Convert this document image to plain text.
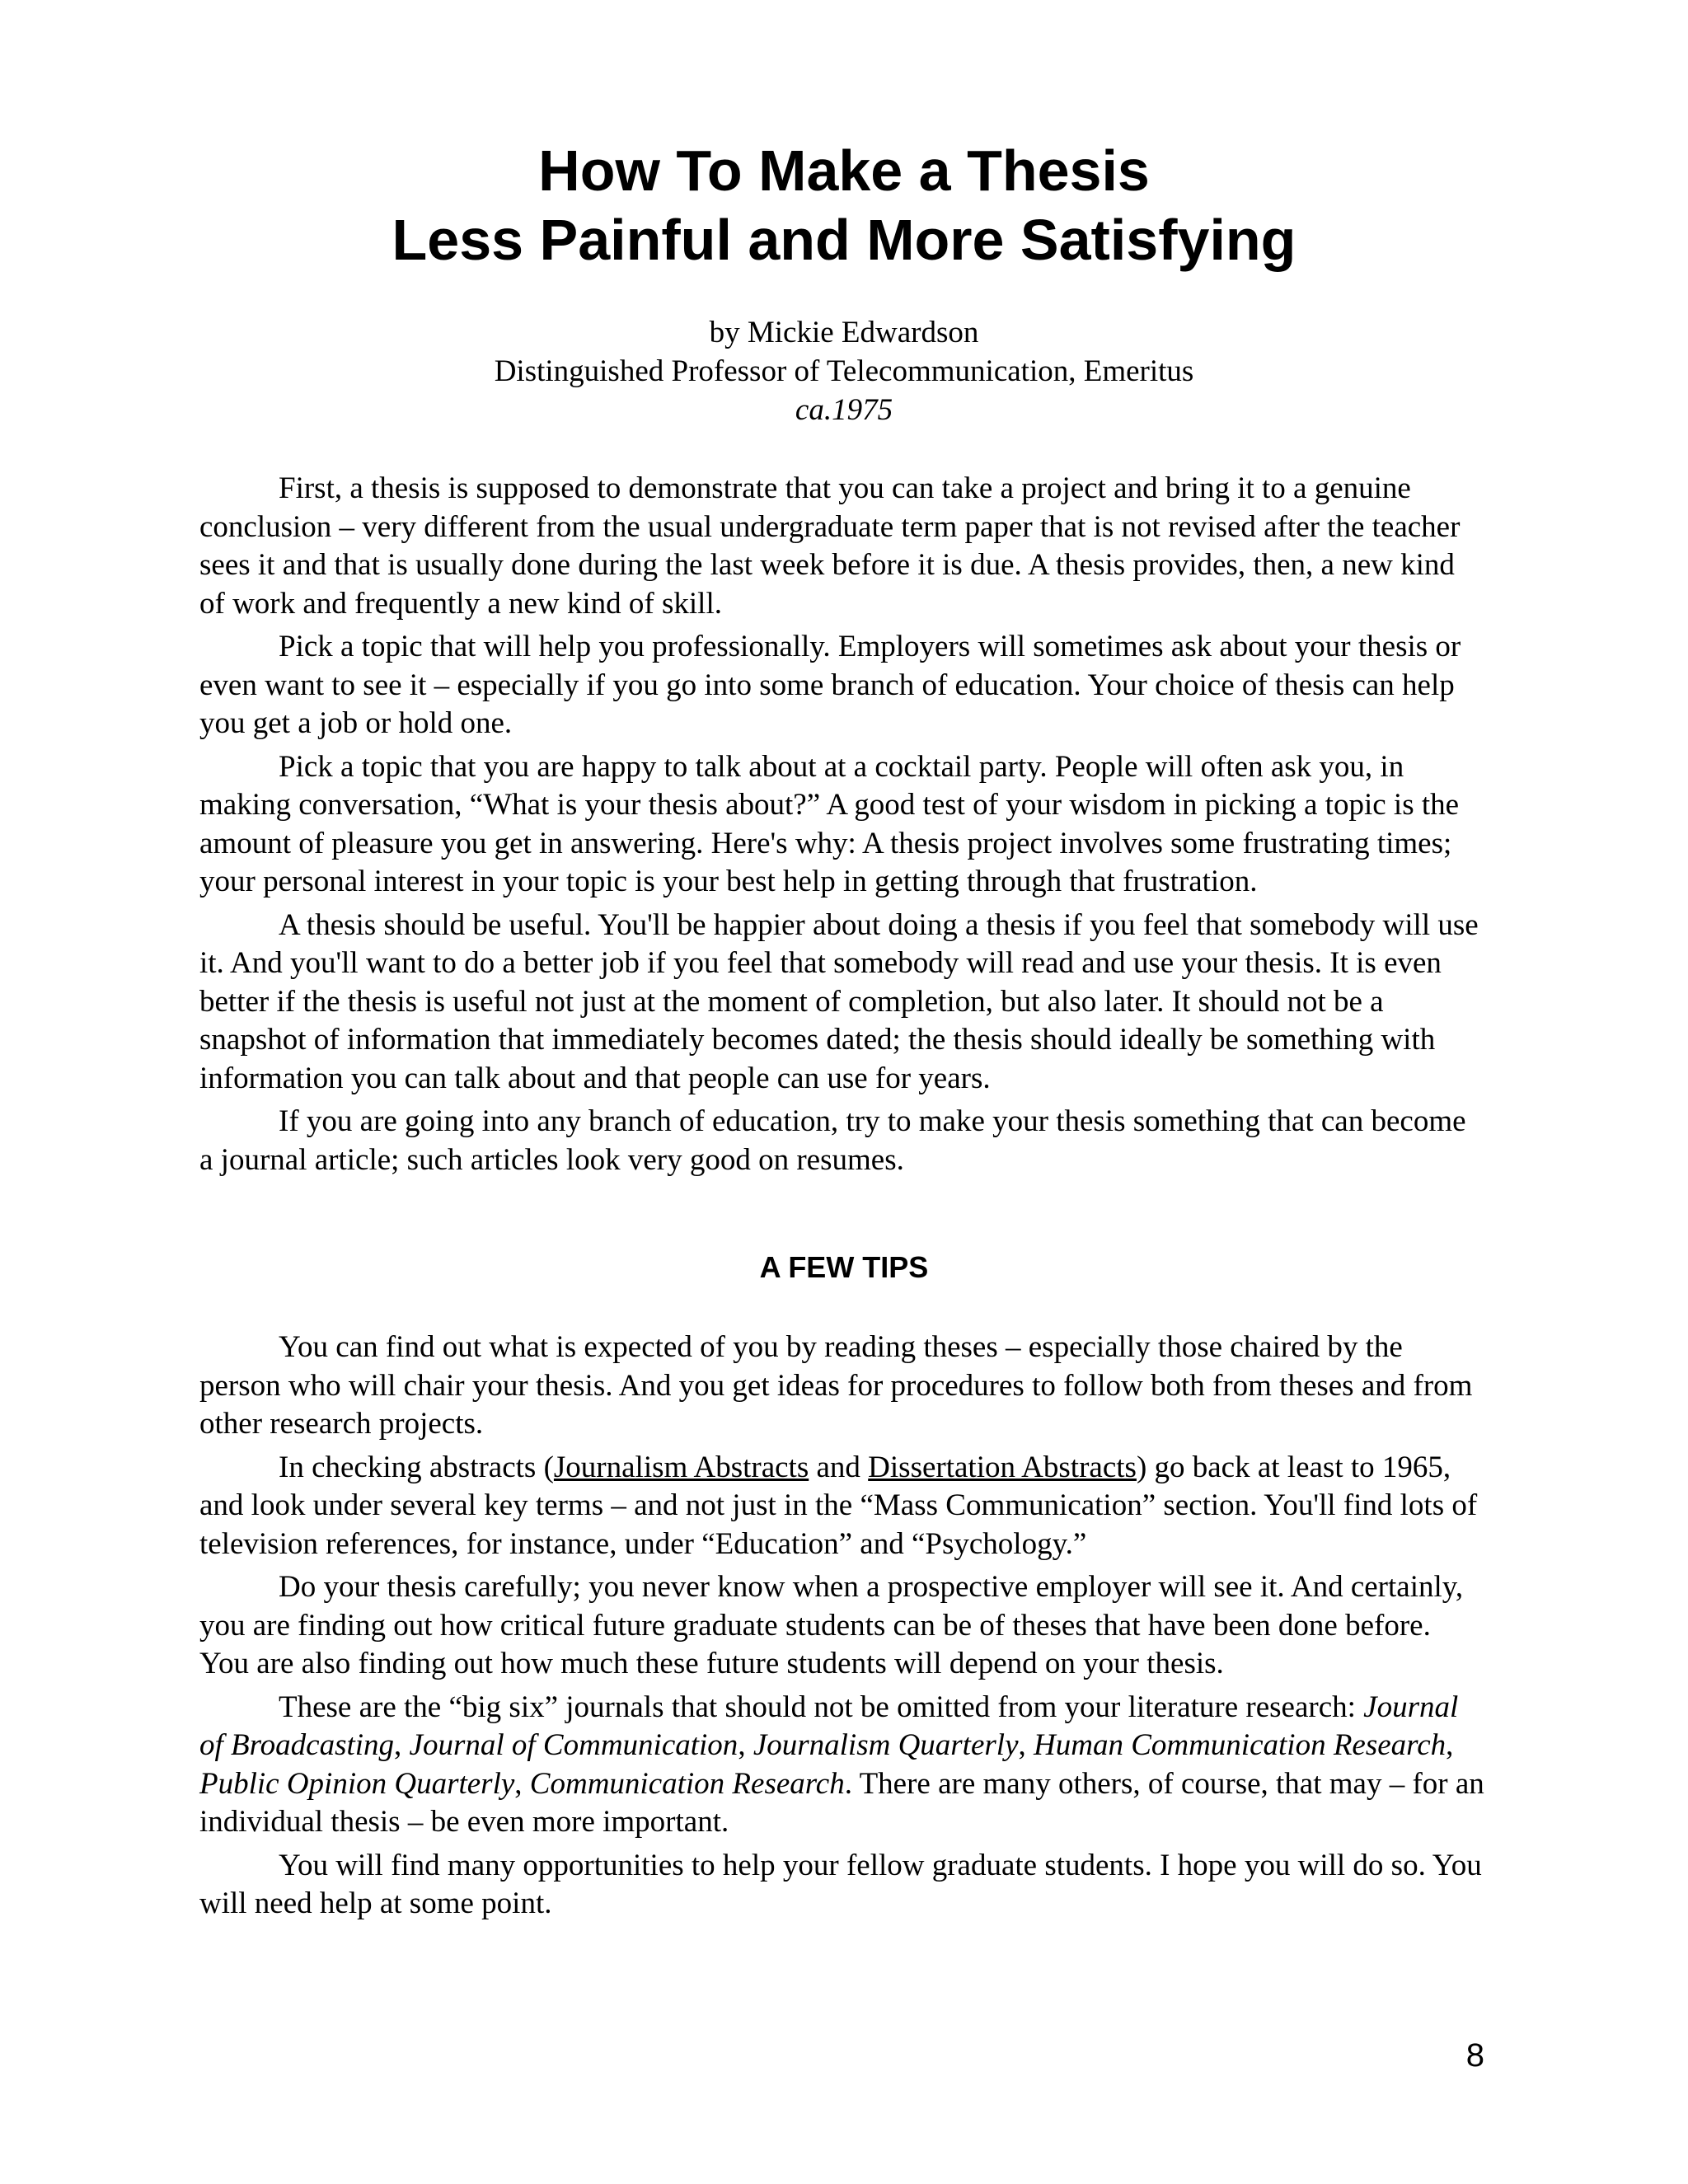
How To Make a Thesis
Less Painful and More Satisfying
by Mickie Edwardson
Distinguished Professor of Telecommunication, Emeritus
ca.1975

First, a thesis is supposed to demonstrate that you can take a project and bring it to a genuine conclusion – very different from the usual undergraduate term paper that is not revised after the teacher sees it and that is usually done during the last week before it is due. A thesis provides, then, a new kind of work and frequently a new kind of skill.

Pick a topic that will help you professionally. Employers will sometimes ask about your thesis or even want to see it – especially if you go into some branch of education. Your choice of thesis can help you get a job or hold one.

Pick a topic that you are happy to talk about at a cocktail party. People will often ask you, in making conversation, “What is your thesis about?” A good test of your wisdom in picking a topic is the amount of pleasure you get in answering. Here's why: A thesis project involves some frustrating times; your personal interest in your topic is your best help in getting through that frustration.

A thesis should be useful. You'll be happier about doing a thesis if you feel that somebody will use it. And you'll want to do a better job if you feel that somebody will read and use your thesis. It is even better if the thesis is useful not just at the moment of completion, but also later. It should not be a snapshot of information that immediately becomes dated; the thesis should ideally be something with information you can talk about and that people can use for years.

If you are going into any branch of education, try to make your thesis something that can become a journal article; such articles look very good on resumes.

A FEW TIPS

You can find out what is expected of you by reading theses – especially those chaired by the person who will chair your thesis. And you get ideas for procedures to follow both from theses and from other research projects.

In checking abstracts (Journalism Abstracts and Dissertation Abstracts) go back at least to 1965, and look under several key terms – and not just in the “Mass Communication” section. You'll find lots of television references, for instance, under “Education” and “Psychology.”

Do your thesis carefully; you never know when a prospective employer will see it. And certainly, you are finding out how critical future graduate students can be of theses that have been done before. You are also finding out how much these future students will depend on your thesis.

These are the “big six” journals that should not be omitted from your literature research: Journal of Broadcasting, Journal of Communication, Journalism Quarterly, Human Communication Research, Public Opinion Quarterly, Communication Research. There are many others, of course, that may – for an individual thesis – be even more important.

You will find many opportunities to help your fellow graduate students. I hope you will do so. You will need help at some point.

8
